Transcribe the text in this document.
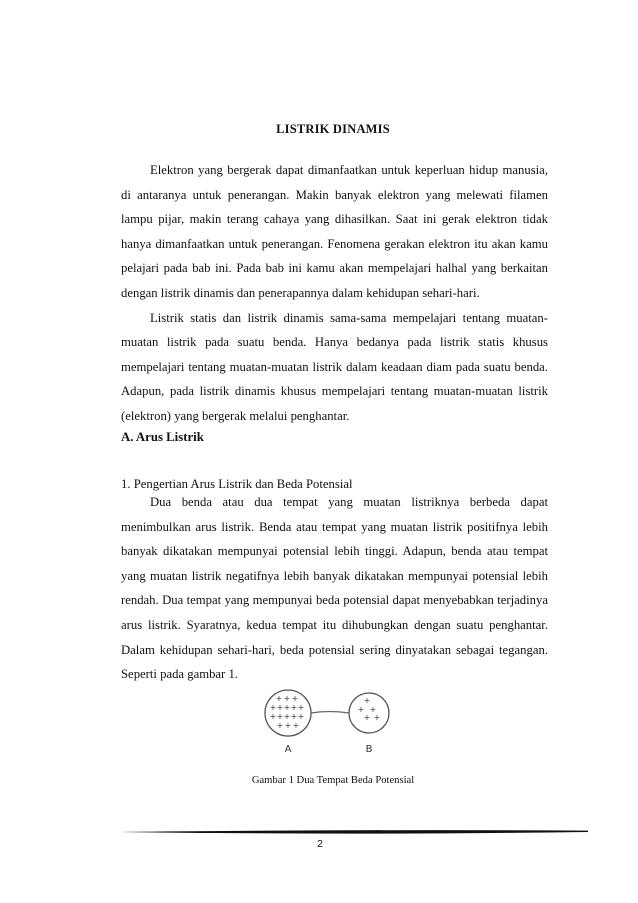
LISTRIK DINAMIS

Elektron yang bergerak dapat dimanfaatkan untuk keperluan hidup manusia, di antaranya untuk penerangan. Makin banyak elektron yang melewati filamen lampu pijar, makin terang cahaya yang dihasilkan. Saat ini gerak elektron tidak hanya dimanfaatkan untuk penerangan. Fenomena gerakan elektron itu akan kamu pelajari pada bab ini. Pada bab ini kamu akan mempelajari halhal yang berkaitan dengan listrik dinamis dan penerapannya dalam kehidupan sehari-hari.

Listrik statis dan listrik dinamis sama-sama mempelajari tentang muatan-muatan listrik pada suatu benda. Hanya bedanya pada listrik statis khusus mempelajari tentang muatan-muatan listrik dalam keadaan diam pada suatu benda. Adapun, pada listrik dinamis khusus mempelajari tentang muatan-muatan listrik (elektron) yang bergerak melalui penghantar.

A. Arus Listrik
1. Pengertian Arus Listrik dan Beda Potensial

Dua benda atau dua tempat yang muatan listriknya berbeda dapat menimbulkan arus listrik. Benda atau tempat yang muatan listrik positifnya lebih banyak dikatakan mempunyai potensial lebih tinggi. Adapun, benda atau tempat yang muatan listrik negatifnya lebih banyak dikatakan mempunyai potensial lebih rendah. Dua tempat yang mempunyai beda potensial dapat menyebabkan terjadinya arus listrik. Syaratnya, kedua tempat itu dihubungkan dengan suatu penghantar. Dalam kehidupan sehari-hari, beda potensial sering dinyatakan sebagai tegangan. Seperti pada gambar 1.

+ + +
+ + + + +
+ + + + +
+ + +
+
+ +
+ +
A	B
Gambar 1 Dua Tempat Beda Potensial
2
